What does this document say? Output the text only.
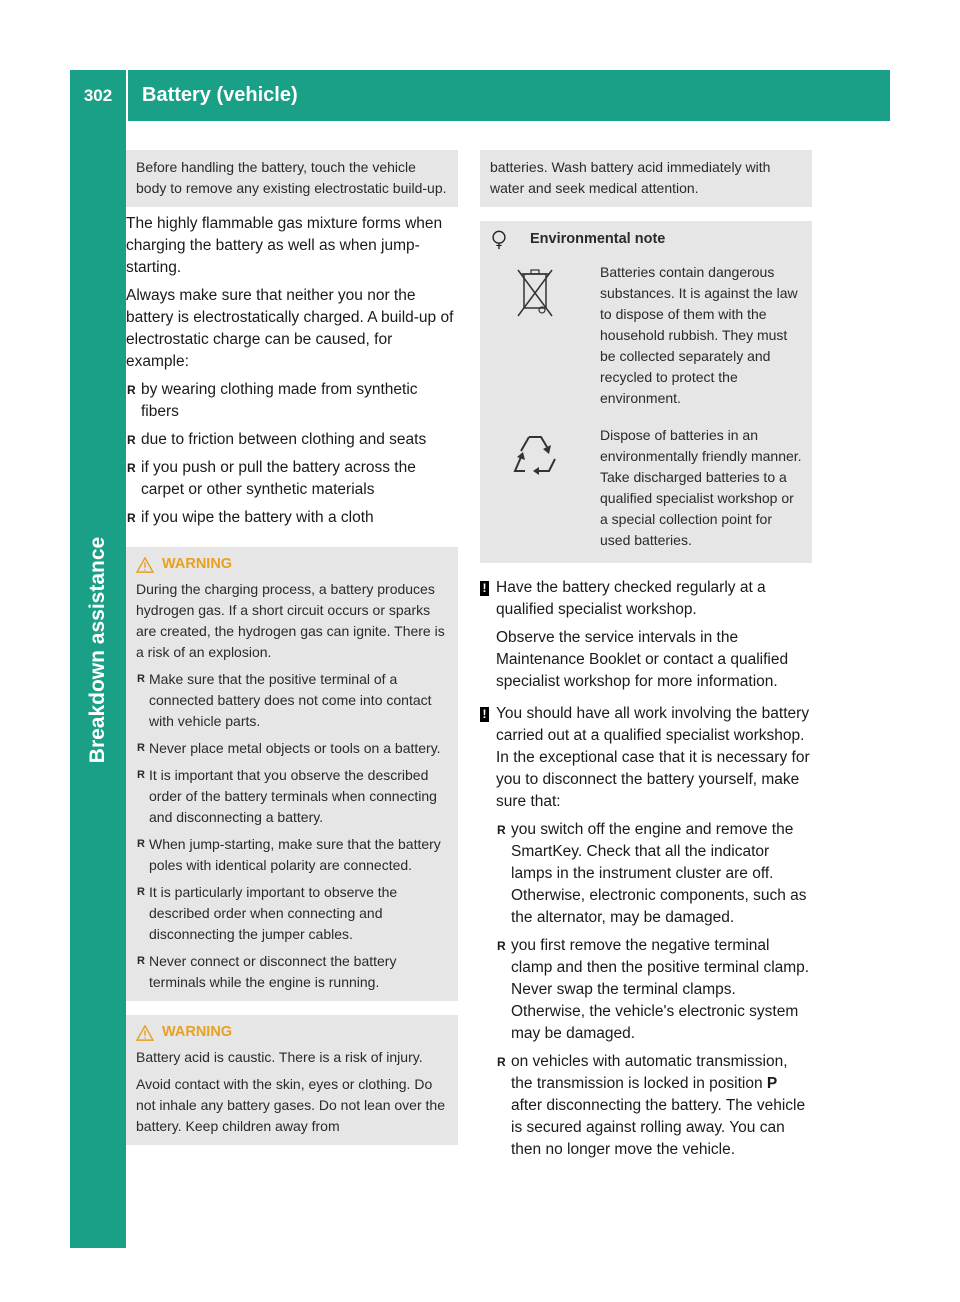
302	Battery (vehicle)
Breakdown assistance

Before handling the battery, touch the vehicle body to remove any existing electrostatic build-up.

The highly flammable gas mixture forms when charging the battery as well as when jump-starting.

Always make sure that neither you nor the battery is electrostatically charged. A build-up of electrostatic charge can be caused, for example:

R by wearing clothing made from synthetic fibers
R due to friction between clothing and seats
R if you push or pull the battery across the carpet or other synthetic materials
R if you wipe the battery with a cloth
WARNING

During the charging process, a battery produces hydrogen gas. If a short circuit occurs or sparks are created, the hydrogen gas can ignite. There is a risk of an explosion.

R Make sure that the positive terminal of a connected battery does not come into contact with vehicle parts.
R Never place metal objects or tools on a battery.
R It is important that you observe the described order of the battery terminals when connecting and disconnecting a battery.
R When jump-starting, make sure that the battery poles with identical polarity are connected.
R It is particularly important to observe the described order when connecting and disconnecting the jumper cables.
R Never connect or disconnect the battery terminals while the engine is running.
WARNING

Battery acid is caustic. There is a risk of injury.

Avoid contact with the skin, eyes or clothing. Do not inhale any battery gases. Do not lean over the battery. Keep children away from

batteries. Wash battery acid immediately with water and seek medical attention.

Environmental note

Batteries contain dangerous substances. It is against the law to dispose of them with the household rubbish. They must be collected separately and recycled to protect the environment.

Dispose of batteries in an environmentally friendly manner. Take discharged batteries to a qualified specialist workshop or a special collection point for used batteries.

! Have the battery checked regularly at a qualified specialist workshop.

Observe the service intervals in the Maintenance Booklet or contact a qualified specialist workshop for more information.

! You should have all work involving the battery carried out at a qualified specialist workshop. In the exceptional case that it is necessary for you to disconnect the battery yourself, make sure that:

R you switch off the engine and remove the SmartKey. Check that all the indicator lamps in the instrument cluster are off. Otherwise, electronic components, such as the alternator, may be damaged.
R you first remove the negative terminal clamp and then the positive terminal clamp. Never swap the terminal clamps. Otherwise, the vehicle's electronic system may be damaged.
R on vehicles with automatic transmission, the transmission is locked in position P after disconnecting the battery. The vehicle is secured against rolling away. You can then no longer move the vehicle.
